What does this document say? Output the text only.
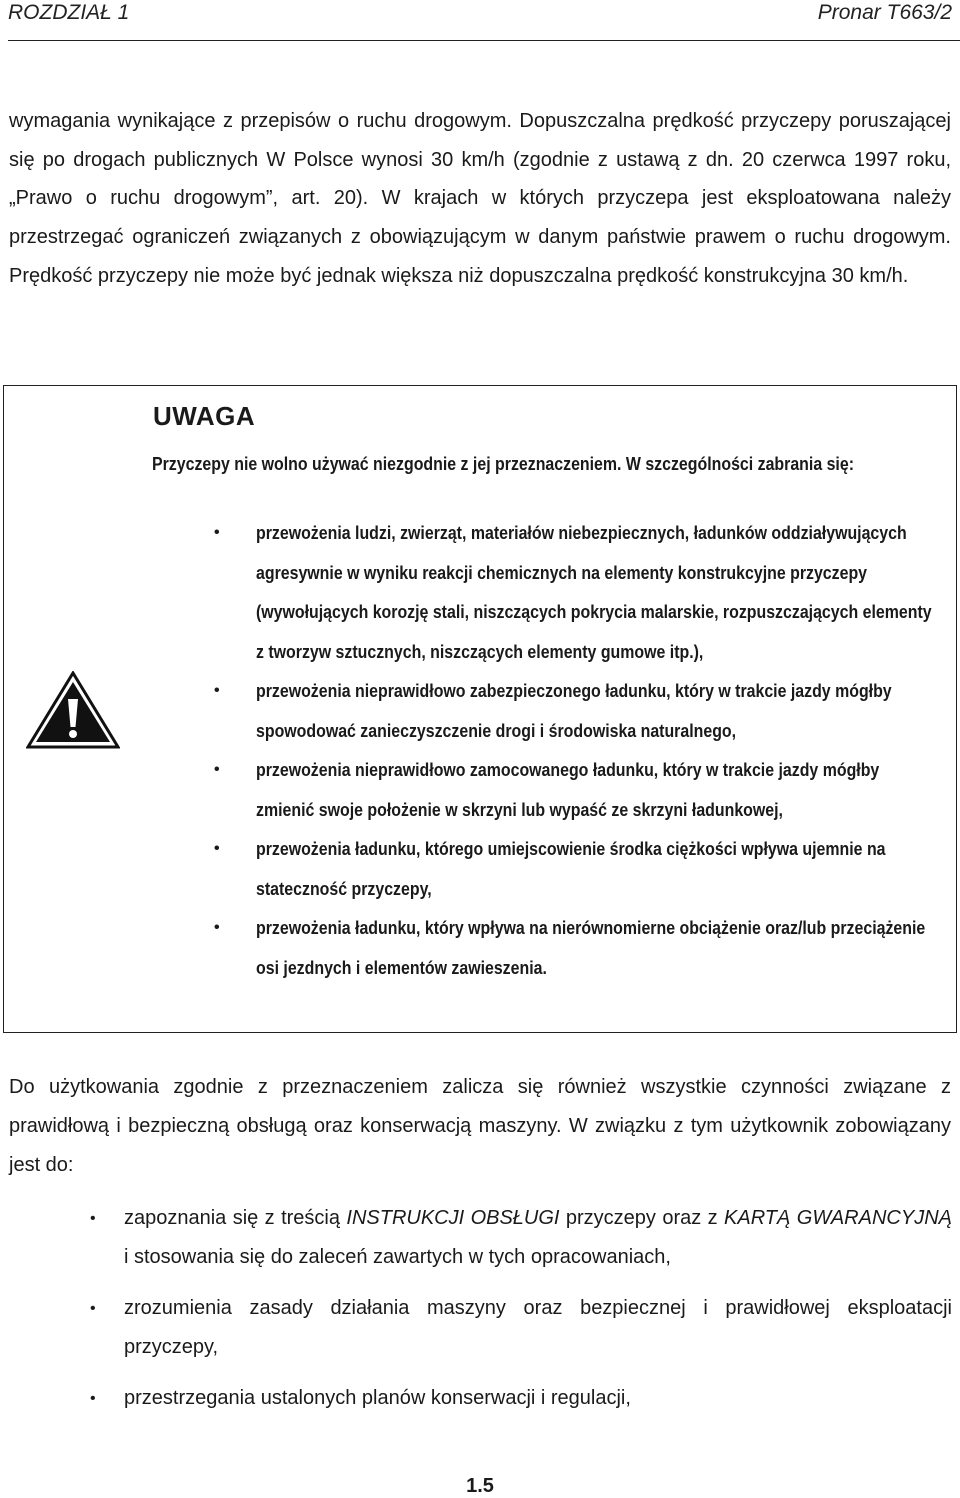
ROZDZIAŁ 1	Pronar T663/2

wymagania wynikające z przepisów o ruchu drogowym. Dopuszczalna prędkość przyczepy poruszającej się po drogach publicznych W Polsce wynosi 30 km/h (zgodnie z ustawą z dn. 20 czerwca 1997 roku, „Prawo o ruchu drogowym”, art. 20). W krajach w których przyczepa jest eksploatowana należy przestrzegać ograniczeń związanych z obowiązującym w danym państwie prawem o ruchu drogowym. Prędkość przyczepy nie może być jednak większa niż dopuszczalna prędkość konstrukcyjna 30 km/h.

UWAGA

Przyczepy nie wolno używać niezgodnie z jej przeznaczeniem. W szczególności zabrania się:

• przewożenia ludzi, zwierząt, materiałów niebezpiecznych, ładunków oddziaływujących agresywnie w wyniku reakcji chemicznych na elementy konstrukcyjne przyczepy (wywołujących korozję stali, niszczących pokrycia malarskie, rozpuszczających elementy z tworzyw sztucznych, niszczących elementy gumowe itp.),
• przewożenia nieprawidłowo zabezpieczonego ładunku, który w trakcie jazdy mógłby spowodować zanieczyszczenie drogi i środowiska naturalnego,
• przewożenia nieprawidłowo zamocowanego ładunku, który w trakcie jazdy mógłby zmienić swoje położenie w skrzyni lub wypaść ze skrzyni ładunkowej,
• przewożenia ładunku, którego umiejscowienie środka ciężkości wpływa ujemnie na stateczność przyczepy,
• przewożenia ładunku, który wpływa na nierównomierne obciążenie oraz/lub przeciążenie osi jezdnych i elementów zawieszenia.

Do użytkowania zgodnie z przeznaczeniem zalicza się również wszystkie czynności związane z prawidłową i bezpieczną obsługą oraz konserwacją maszyny. W związku z tym użytkownik zobowiązany jest do:

• zapoznania się z treścią INSTRUKCJI OBSŁUGI przyczepy oraz z KARTĄ GWARANCYJNĄ i stosowania się do zaleceń zawartych w tych opracowaniach,
• zrozumienia zasady działania maszyny oraz bezpiecznej i prawidłowej eksploatacji przyczepy,
• przestrzegania ustalonych planów konserwacji i regulacji,
1.5
